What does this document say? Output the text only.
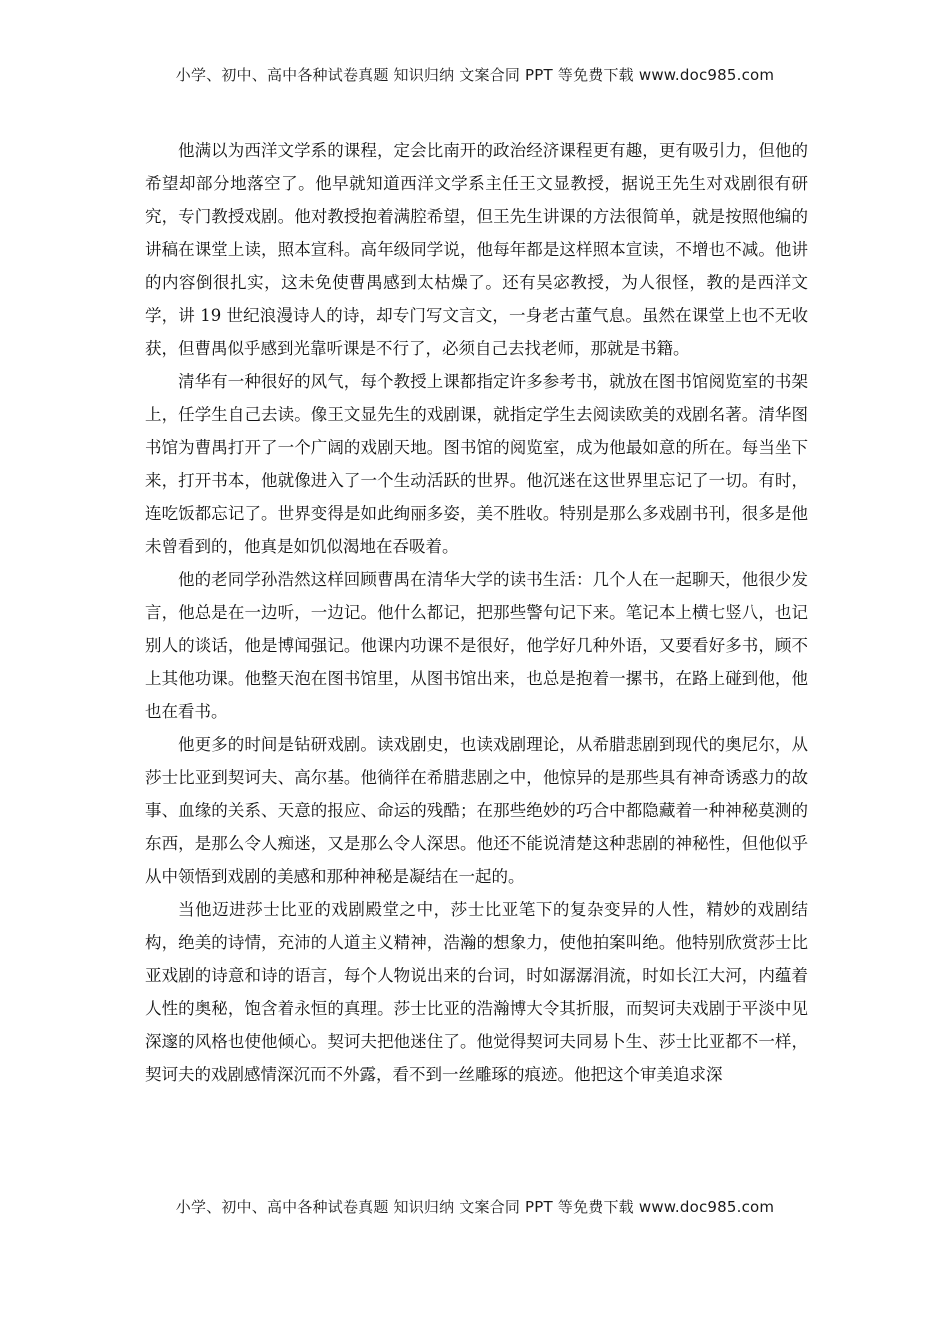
小学、初中、高中各种试卷真题 知识归纳 文案合同 PPT 等免费下载 www.doc985.com

他满以为西洋文学系的课程，定会比南开的政治经济课程更有趣，更有吸引力，但他的希望却部分地落空了。他早就知道西洋文学系主任王文显教授，据说王先生对戏剧很有研究，专门教授戏剧。他对教授抱着满腔希望，但王先生讲课的方法很简单，就是按照他编的讲稿在课堂上读，照本宣科。高年级同学说，他每年都是这样照本宣读，不增也不减。他讲的内容倒很扎实，这未免使曹禺感到太枯燥了。还有吴宓教授，为人很怪，教的是西洋文学，讲 19 世纪浪漫诗人的诗，却专门写文言文，一身老古董气息。虽然在课堂上也不无收获，但曹禺似乎感到光靠听课是不行了，必须自己去找老师，那就是书籍。

清华有一种很好的风气，每个教授上课都指定许多参考书，就放在图书馆阅览室的书架上，任学生自己去读。像王文显先生的戏剧课，就指定学生去阅读欧美的戏剧名著。清华图书馆为曹禺打开了一个广阔的戏剧天地。图书馆的阅览室，成为他最如意的所在。每当坐下来，打开书本，他就像进入了一个生动活跃的世界。他沉迷在这世界里忘记了一切。有时，连吃饭都忘记了。世界变得是如此绚丽多姿，美不胜收。特别是那么多戏剧书刊，很多是他未曾看到的，他真是如饥似渴地在吞吸着。

他的老同学孙浩然这样回顾曹禺在清华大学的读书生活：几个人在一起聊天，他很少发言，他总是在一边听，一边记。他什么都记，把那些警句记下来。笔记本上横七竖八，也记别人的谈话，他是博闻强记。他课内功课不是很好，他学好几种外语，又要看好多书，顾不上其他功课。他整天泡在图书馆里，从图书馆出来，也总是抱着一摞书，在路上碰到他，他也在看书。

他更多的时间是钻研戏剧。读戏剧史，也读戏剧理论，从希腊悲剧到现代的奥尼尔，从莎士比亚到契诃夫、高尔基。他徜徉在希腊悲剧之中，他惊异的是那些具有神奇诱惑力的故事、血缘的关系、天意的报应、命运的残酷；在那些绝妙的巧合中都隐藏着一种神秘莫测的东西，是那么令人痴迷，又是那么令人深思。他还不能说清楚这种悲剧的神秘性，但他似乎从中领悟到戏剧的美感和那种神秘是凝结在一起的。

当他迈进莎士比亚的戏剧殿堂之中，莎士比亚笔下的复杂变异的人性，精妙的戏剧结构，绝美的诗情，充沛的人道主义精神，浩瀚的想象力，使他拍案叫绝。他特别欣赏莎士比亚戏剧的诗意和诗的语言，每个人物说出来的台词，时如潺潺涓流，时如长江大河，内蕴着人性的奥秘，饱含着永恒的真理。莎士比亚的浩瀚博大令其折服，而契诃夫戏剧于平淡中见深邃的风格也使他倾心。契诃夫把他迷住了。他觉得契诃夫同易卜生、莎士比亚都不一样，契诃夫的戏剧感情深沉而不外露，看不到一丝雕琢的痕迹。他把这个审美追求深

小学、初中、高中各种试卷真题 知识归纳 文案合同 PPT 等免费下载 www.doc985.com
